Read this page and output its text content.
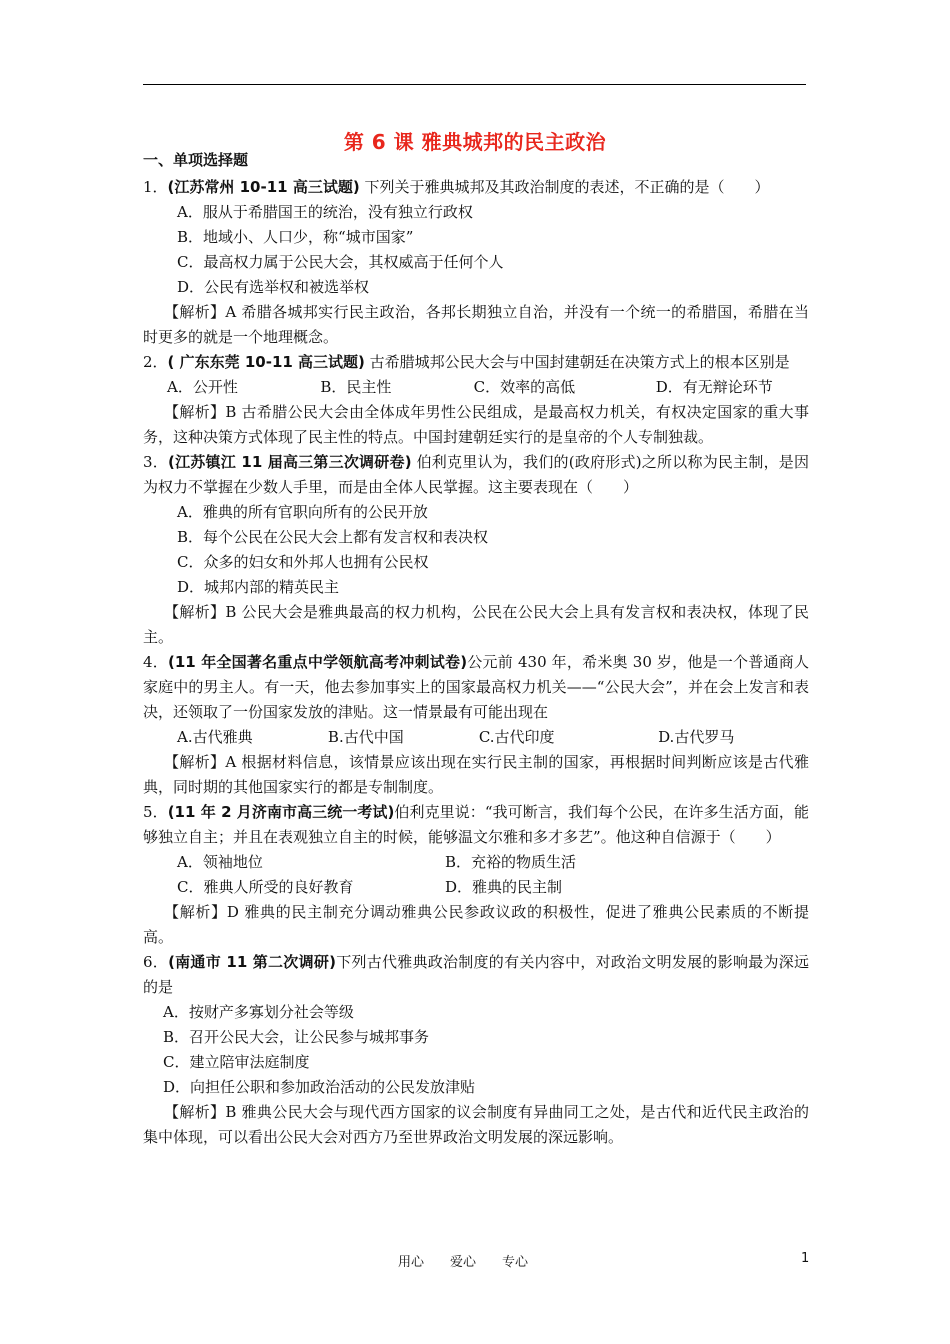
第 6 课 雅典城邦的民主政治
一、单项选择题
1．(江苏常州 10-11 高三试题) 下列关于雅典城邦及其政治制度的表述，不正确的是（　　）
A．服从于希腊国王的统治，没有独立行政权
B．地域小、人口少，称“城市国家”
C．最高权力属于公民大会，其权威高于任何个人
D．公民有选举权和被选举权
【解析】A 希腊各城邦实行民主政治，各邦长期独立自治，并没有一个统一的希腊国，希腊在当时更多的就是一个地理概念。
2．( 广东东莞 10-11 高三试题) 古希腊城邦公民大会与中国封建朝廷在决策方式上的根本区别是
A．公开性	B．民主性	C．效率的高低	D．有无辩论环节
【解析】B 古希腊公民大会由全体成年男性公民组成，是最高权力机关，有权决定国家的重大事务，这种决策方式体现了民主性的特点。中国封建朝廷实行的是皇帝的个人专制独裁。
3．(江苏镇江 11 届高三第三次调研卷) 伯利克里认为，我们的(政府形式)之所以称为民主制，是因为权力不掌握在少数人手里，而是由全体人民掌握。这主要表现在（　　）
A．雅典的所有官职向所有的公民开放
B．每个公民在公民大会上都有发言权和表决权
C．众多的妇女和外邦人也拥有公民权
D．城邦内部的精英民主
【解析】B 公民大会是雅典最高的权力机构，公民在公民大会上具有发言权和表决权，体现了民主。
4．(11 年全国著名重点中学领航高考冲刺试卷)公元前 430 年，希米奥 30 岁，他是一个普通商人家庭中的男主人。有一天，他去参加事实上的国家最高权力机关——“公民大会”，并在会上发言和表决，还领取了一份国家发放的津贴。这一情景最有可能出现在
A.古代雅典	B.古代中国	C.古代印度	D.古代罗马
【解析】A 根据材料信息，该情景应该出现在实行民主制的国家，再根据时间判断应该是古代雅典，同时期的其他国家实行的都是专制制度。
5．(11 年 2 月济南市高三统一考试)伯利克里说：“我可断言，我们每个公民，在许多生活方面，能够独立自主；并且在表观独立自主的时候，能够温文尔雅和多才多艺”。他这种自信源于（　　）
A．领袖地位	B．充裕的物质生活
C．雅典人所受的良好教育	D．雅典的民主制
【解析】D 雅典的民主制充分调动雅典公民参政议政的积极性，促进了雅典公民素质的不断提高。
6．(南通市 11 第二次调研)下列古代雅典政治制度的有关内容中，对政治文明发展的影响最为深远的是
A．按财产多寡划分社会等级
B．召开公民大会，让公民参与城邦事务
C．建立陪审法庭制度
D．向担任公职和参加政治活动的公民发放津贴
【解析】B 雅典公民大会与现代西方国家的议会制度有异曲同工之处，是古代和近代民主政治的集中体现，可以看出公民大会对西方乃至世界政治文明发展的深远影响。
用心 爱心 专心	1
